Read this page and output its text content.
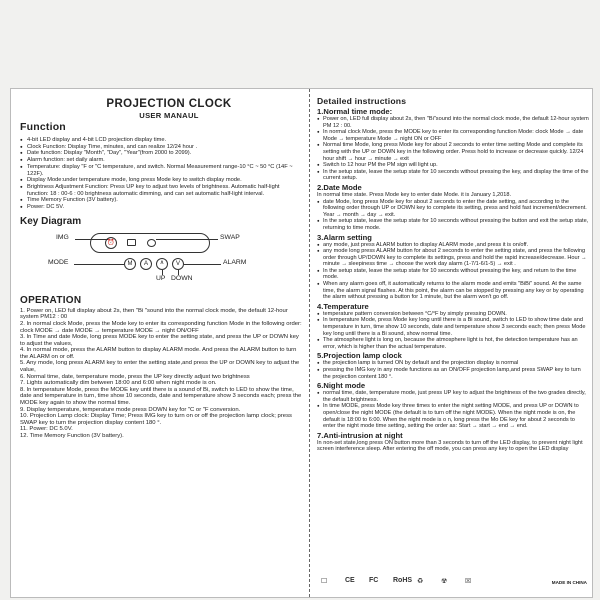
PROJECTION CLOCK
USER MANAUL
Function
● 4-bit LED display and 4-bit LCD projection display time.
● Clock Function: Display Time, minutes, and can realize 12/24 hour .
● Date function: Display "Month", "Day", "Year"(from 2000 to 2099).
● Alarm function: set daily alarm.
● Temperature: display "F or "C temperature, and switch. Normal Measurement range-10 °C ~ 50 °C (14F ~ 122F).
● Display Mode:under temperature mode, long press Mode key to switch display mode.
● Brightness Adjustment Function: Press UP key to adjust two levels of brightness. Automatic half-light function: 18 : 00-6 : 00 brightness automatic dimming, and can set automatic half-light interval.
● Time Memory Function (3V battery).
● Power: DC 5V.
Key Diagram
⏰
IMG	SWAP
MODE	M	A	∧	V	ALARM
UP DOWN
OPERATION
1. Power on, LED full display about 2s, then "Bi "sound into the normal clock mode, the default 12-hour system PM12 : 00
2. In normal clock Mode, press the Mode key to enter its corresponding function Mode in the following order: clock MODE → date MODE → temperature MODE → night ON/OFF
3. In Time and date Mode, long press MODE key to enter the setting state, and press the UP or DOWN key to adjust the values,
4. In normal mode, press the ALARM button to display ALARM mode. And press the ALARM button to turn the ALARM on or off.
5. Any mode, long press ALARM key to enter the setting state,and press the UP or DOWN key to adjust the value,
6. Normal time, date, temperature mode, press the UP key directly adjust two brightness
7. Lights automatically dim between 18:00 and 6:00 when night mode is on.
8. In temperature Mode, press the MODE key until there is a sound of Bi, switch to LED to show the time, date and temperature in turn, time show 10 seconds, date and temperature show 3 seconds each; press the MODE key again to show the normal time.
9. Display temperature, temperature mode press DOWN key for "C or "F conversion.
10. Projection Lamp clock: Display Time; Press IMG key to turn on or off the projection lamp clock; press SWAP key to turn the projection display content 180 °.
11. Power: DC 5.0V.
12. Time Memory Function (3V battery).
Detailed instructions
1.Normal time mode:
● Power on, LED full display about 2s, then "Bi"sound into the normal clock mode, the default 12-hour system PM 12 : 00.
● In normal clock Mode, press the MODE key to enter its corresponding function Mode: clock Mode → date Mode → temperature Mode → night ON or OFF
● Normal time Mode, long press Mode key for about 2 seconds to enter time setting Mode and complete its setting with the UP or DOWN key in the following order. Press hold to increase or decrease quickly. 12/24 hour shift → hour → minute → exit
● Switch to 12 hour PM the PM sign will light up.
● In the setup state, leave the setup state for 10 seconds without pressing the key, and display the time of the current setup.
2.Date Mode
In normal time state. Press Mode key to enter date Mode. it is January 1,2018.
● date Mode, long press Mode key for about 2 seconds to enter the date setting, and according to the following order through UP or DOWN key to complete its setting, press and hold fast increment/decrement. Year → month → day → exit.
● In the setup state, leave the setup state for 10 seconds without pressing the button and exit the setup state, returning to time mode.
3.Alarm setting
● any mode, just press ALARM button to display ALARM mode ,and press it is on/off.
● any mode long press ALARM button for about 2 seconds to enter the setting state, and press the following order through UP/DOWN key to complete its settings, press and hold the rapid increase/decrease. Hour → minute → sleepiness time → choose the work day alarm (1-7/1-6/1-5) → exit .
● In the setup state, leave the setup state for 10 seconds without pressing the key, and return to the time mode.
● When any alarm goes off, it automatically returns to the alarm mode and emits "BiBi" sound. At the same time, the alarm signal flashes. At this point, the alarm can be stopped by pressing any key or by operating the alarm without pressing a button for 1 minute, but the alarm won't go off.
4.Temperature
● temperature pattern conversion between °C/°F by simply pressing DOWN.
● In temperature Mode, press Mode key long until there is a Bi sound, switch to LED to show time date and temperature in turn, time show 10 seconds, date and temperature show 3 seconds each; then press Mode key long until there is a Bi sound, show normal time.
● The atmosphere light is long on, because the atmosphere light is hot, the detection temperature has an error, which is higher than the actual temperature.
5.Projection lamp clock
● the projection lamp is turned ON by default and the projection display is normal
● pressing the IMG key in any mode functions as an ON/OFF projection lamp,and press SWAP key to turn the projection content 180 °.
6.Night mode
● normal time, date, temperature mode, just press UP key to adjust the brightness of the two grades directly, the default brightness.
● In time MODE, press Mode key three times to enter the night setting MODE, and press UP or DOWN to open/close the night MODE (the default is to turn off the night MODE). When the night mode is on, the default is 18:00 to 6:00. When the night mode is o n, long press the Mo DE key for about 2 seconds to enter the night mode time setting, setting the order as: Start → start → end → end.
7.Anti-intrusion at night
In non-set state,long press ON button more than 3 seconds to turn off the LED display, to prevent night light screen interference sleep. After entering the off mode, you can press any key to open the LED display
☐	CE FC RoHS ♻	☢	☒	MADE IN CHINA
